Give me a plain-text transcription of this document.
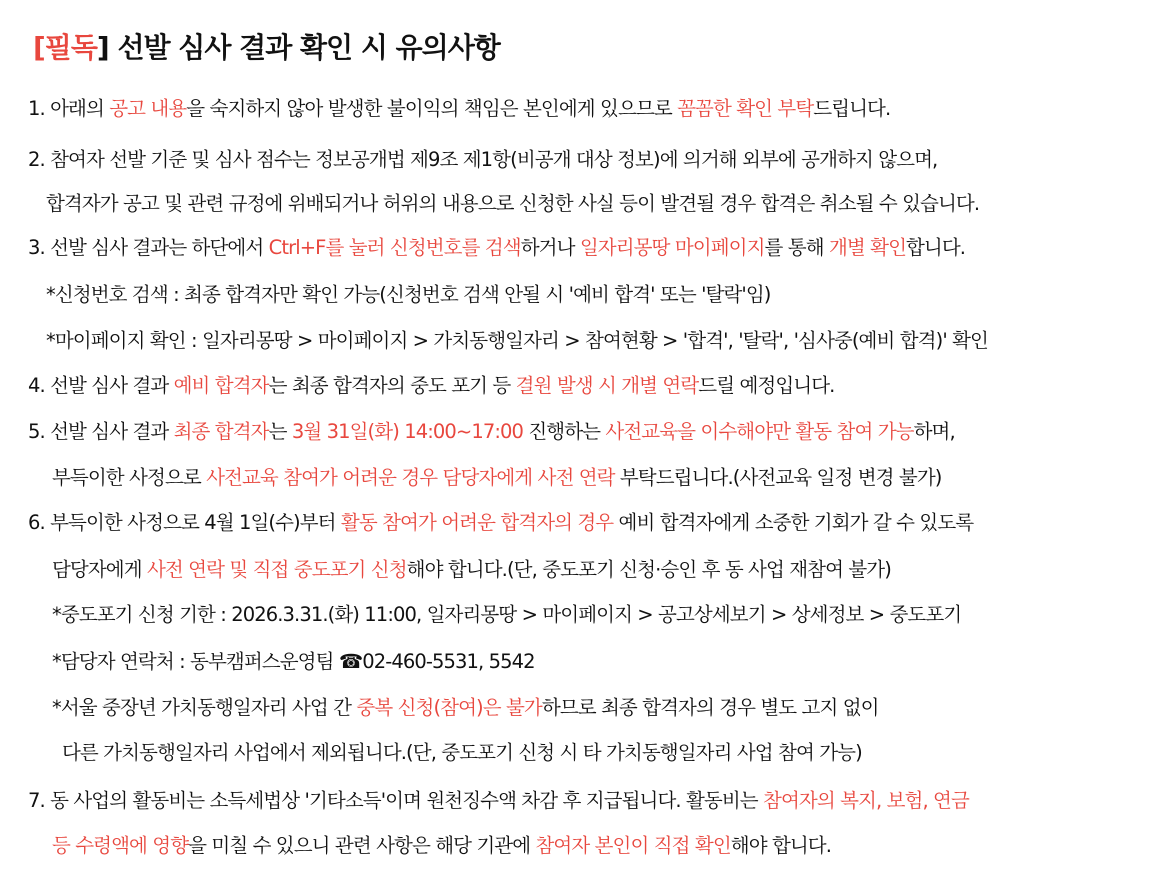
[필독] 선발 심사 결과 확인 시 유의사항
1. 아래의 공고 내용을 숙지하지 않아 발생한 불이익의 책임은 본인에게 있으므로 꼼꼼한 확인 부탁드립니다.
2. 참여자 선발 기준 및 심사 점수는 정보공개법 제9조 제1항(비공개 대상 정보)에 의거해 외부에 공개하지 않으며,
합격자가 공고 및 관련 규정에 위배되거나 허위의 내용으로 신청한 사실 등이 발견될 경우 합격은 취소될 수 있습니다.
3. 선발 심사 결과는 하단에서 Ctrl+F를 눌러 신청번호를 검색하거나 일자리몽땅 마이페이지를 통해 개별 확인합니다.
*신청번호 검색 : 최종 합격자만 확인 가능(신청번호 검색 안될 시 '예비 합격' 또는 '탈락'임)
*마이페이지 확인 : 일자리몽땅 > 마이페이지 > 가치동행일자리 > 참여현황 > '합격', '탈락', '심사중(예비 합격)' 확인
4. 선발 심사 결과 예비 합격자는 최종 합격자의 중도 포기 등 결원 발생 시 개별 연락드릴 예정입니다.
5. 선발 심사 결과 최종 합격자는 3월 31일(화) 14:00~17:00 진행하는 사전교육을 이수해야만 활동 참여 가능하며,
부득이한 사정으로 사전교육 참여가 어려운 경우 담당자에게 사전 연락 부탁드립니다.(사전교육 일정 변경 불가)
6. 부득이한 사정으로 4월 1일(수)부터 활동 참여가 어려운 합격자의 경우 예비 합격자에게 소중한 기회가 갈 수 있도록
담당자에게 사전 연락 및 직접 중도포기 신청해야 합니다.(단, 중도포기 신청·승인 후 동 사업 재참여 불가)
*중도포기 신청 기한 : 2026.3.31.(화) 11:00, 일자리몽땅 > 마이페이지 > 공고상세보기 > 상세정보 > 중도포기
*담당자 연락처 : 동부캠퍼스운영팀 ☎02-460-5531, 5542
*서울 중장년 가치동행일자리 사업 간 중복 신청(참여)은 불가하므로 최종 합격자의 경우 별도 고지 없이
다른 가치동행일자리 사업에서 제외됩니다.(단, 중도포기 신청 시 타 가치동행일자리 사업 참여 가능)
7. 동 사업의 활동비는 소득세법상 '기타소득'이며 원천징수액 차감 후 지급됩니다. 활동비는 참여자의 복지, 보험, 연금
등 수령액에 영향을 미칠 수 있으니 관련 사항은 해당 기관에 참여자 본인이 직접 확인해야 합니다.
